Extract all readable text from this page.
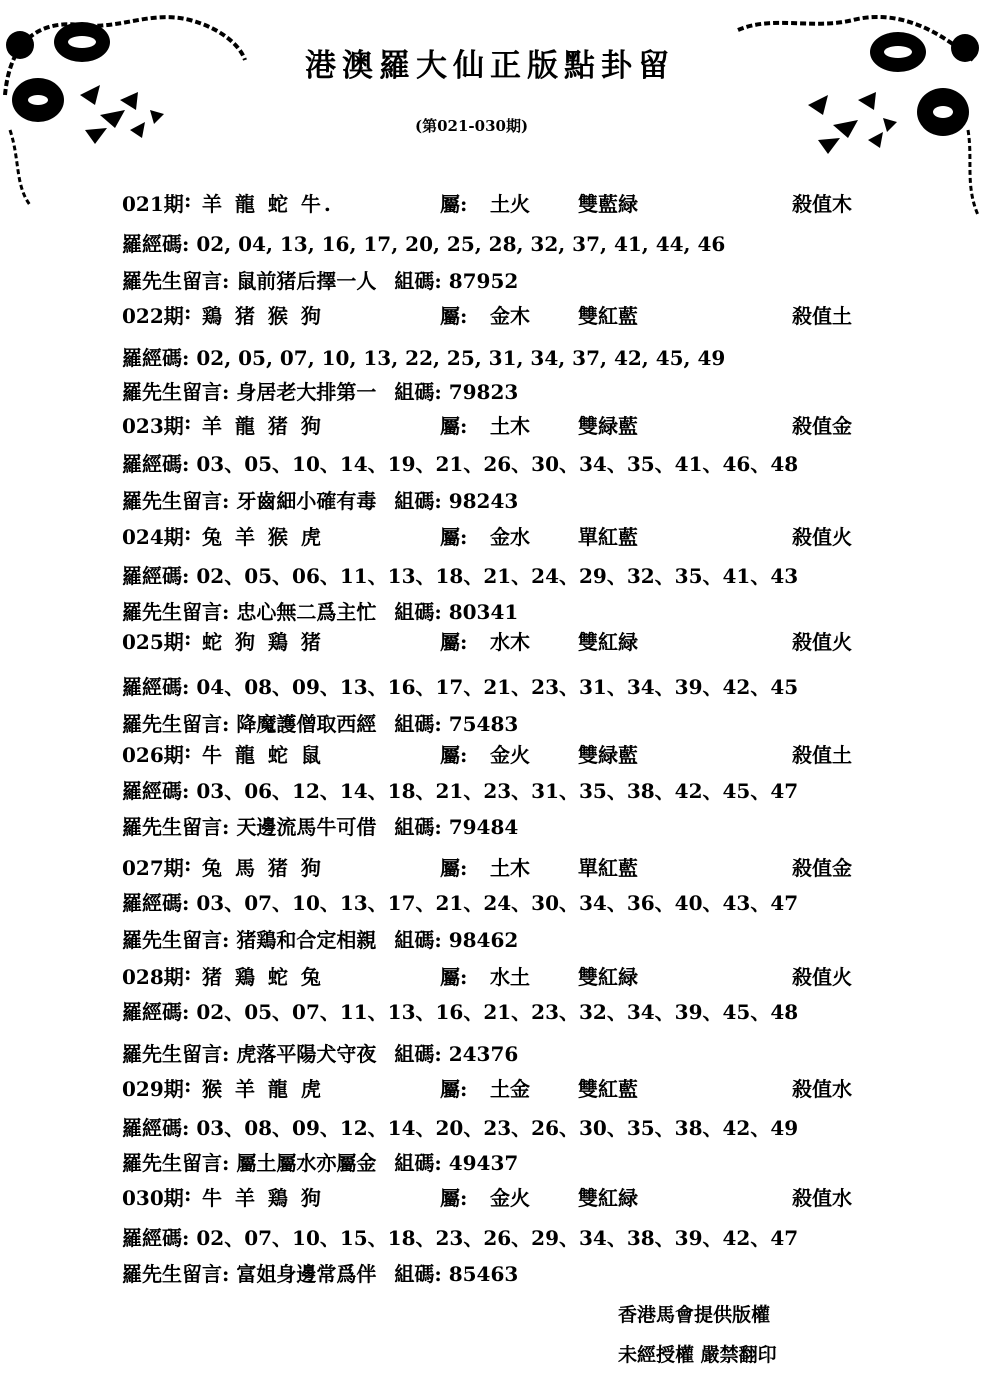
港澳羅大仙正版點卦留
(第021-030期)
021期 : 羊 龍 蛇 牛.	屬: 土火 雙藍緑	殺值木
羅經碼: 02, 04, 13, 16, 17, 20, 25, 28, 32, 37, 41, 44, 46
羅先生留言: 鼠前猪后擇一人 組碼: 87952
022期 : 鶏 猪 猴 狗	屬: 金木 雙紅藍	殺值土
羅經碼: 02, 05, 07, 10, 13, 22, 25, 31, 34, 37, 42, 45, 49
羅先生留言: 身居老大排第一 組碼: 79823
023期 : 羊 龍 猪 狗	屬: 土木 雙緑藍	殺值金
羅經碼: 03、05、10、14、19、21、26、30、34、35、41、46、48
羅先生留言: 牙齒細小確有毒 組碼: 98243
024期 : 兔 羊 猴 虎	屬: 金水 單紅藍	殺值火
羅經碼: 02、05、06、11、13、18、21、24、29、32、35、41、43
羅先生留言: 忠心無二爲主忙 組碼: 80341
025期 : 蛇 狗 鶏 猪	屬: 水木 雙紅緑	殺值火
羅經碼: 04、08、09、13、16、17、21、23、31、34、39、42、45
羅先生留言: 降魔護僧取西經 組碼: 75483
026期 : 牛 龍 蛇 鼠	屬: 金火 雙緑藍	殺值土
羅經碼: 03、06、12、14、18、21、23、31、35、38、42、45、47
羅先生留言: 天邊流馬牛可借 組碼: 79484
027期 : 兔 馬 猪 狗	屬: 土木 單紅藍	殺值金
羅經碼: 03、07、10、13、17、21、24、30、34、36、40、43、47
羅先生留言: 猪鶏和合定相親 組碼: 98462
028期 : 猪 鶏 蛇 兔	屬: 水土 雙紅緑	殺值火
羅經碼: 02、05、07、11、13、16、21、23、32、34、39、45、48
羅先生留言: 虎落平陽犬守夜 組碼: 24376
029期 : 猴 羊 龍 虎	屬: 土金 雙紅藍	殺值水
羅經碼: 03、08、09、12、14、20、23、26、30、35、38、42、49
羅先生留言: 屬土屬水亦屬金 組碼: 49437
030期 : 牛 羊 鶏 狗	屬: 金火 雙紅緑	殺值水
羅經碼: 02、07、10、15、18、23、26、29、34、38、39、42、47
羅先生留言: 富姐身邊常爲伴 組碼: 85463
香港馬會提供版權
未經授權 嚴禁翻印
